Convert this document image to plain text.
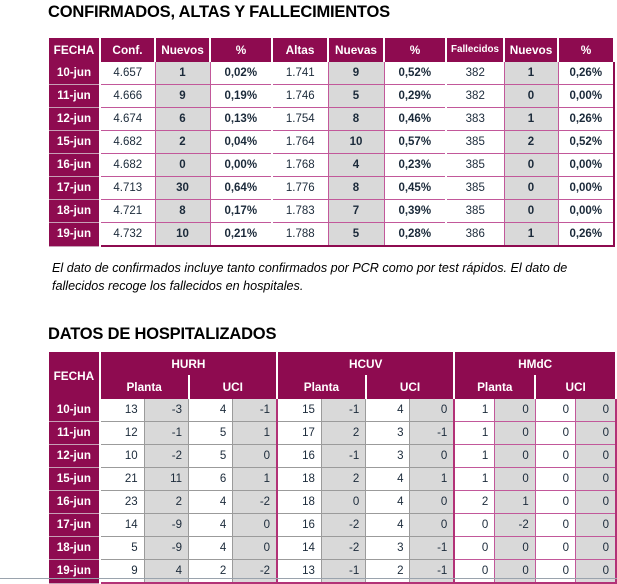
CONFIRMADOS, ALTAS Y FALLECIMIENTOS
FECHA	Conf.	Nuevos	%	Altas	Nuevas	%	Fallecidos	Nuevos	%
10-jun	4.657	1	0,02%	1.741	9	0,52%	382	1	0,26%
11-jun	4.666	9	0,19%	1.746	5	0,29%	382	0	0,00%
12-jun	4.674	6	0,13%	1.754	8	0,46%	383	1	0,26%
15-jun	4.682	2	0,04%	1.764	10	0,57%	385	2	0,52%
16-jun	4.682	0	0,00%	1.768	4	0,23%	385	0	0,00%
17-jun	4.713	30	0,64%	1.776	8	0,45%	385	0	0,00%
18-jun	4.721	8	0,17%	1.783	7	0,39%	385	0	0,00%
19-jun	4.732	10	0,21%	1.788	5	0,28%	386	1	0,26%
El dato de confirmados incluye tanto confirmados por PCR como por test rápidos. El dato de fallecidos recoge los fallecidos en hospitales.
DATOS DE HOSPITALIZADOS
FECHA	HURH				HCUV				HMdC			
	Planta		UCI		Planta		UCI		Planta		UCI	
10-jun	13	-3	4	-1	15	-1	4	0	1	0	0	0
11-jun	12	-1	5	1	17	2	3	-1	1	0	0	0
12-jun	10	-2	5	0	16	-1	3	0	1	0	0	0
15-jun	21	11	6	1	18	2	4	1	1	0	0	0
16-jun	23	2	4	-2	18	0	4	0	2	1	0	0
17-jun	14	-9	4	0	16	-2	4	0	0	-2	0	0
18-jun	5	-9	4	0	14	-2	3	-1	0	0	0	0
19-jun	9	4	2	-2	13	-1	2	-1	0	0	0	0
